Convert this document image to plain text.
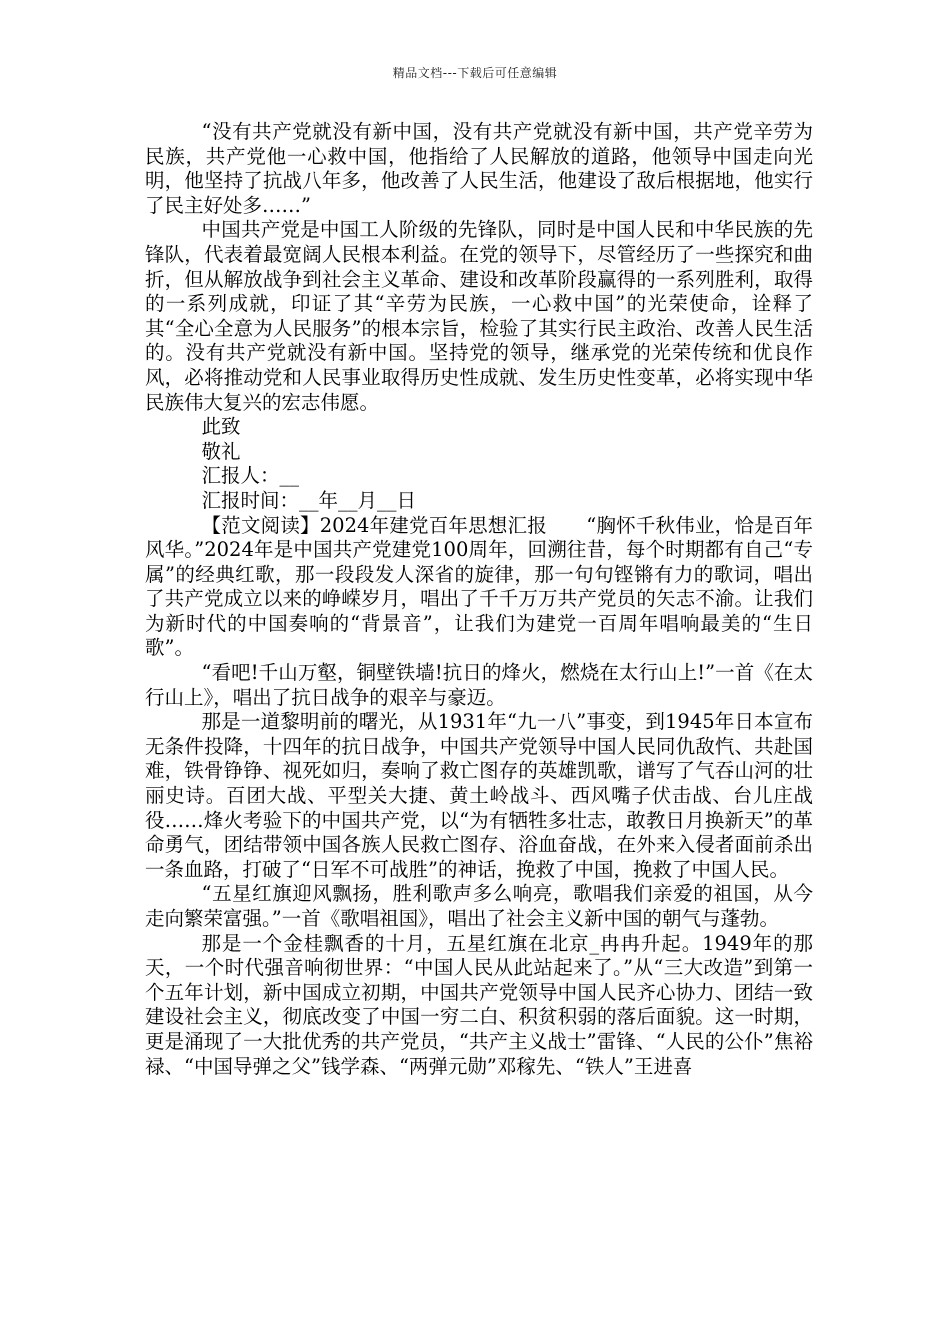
精品文档---下载后可任意编辑

“没有共产党就没有新中国，没有共产党就没有新中国，共产党辛劳为民族，共产党他一心救中国，他指给了人民解放的道路，他领导中国走向光明，他坚持了抗战八年多，他改善了人民生活，他建设了敌后根据地，他实行了民主好处多……”

中国共产党是中国工人阶级的先锋队，同时是中国人民和中华民族的先锋队，代表着最宽阔人民根本利益。在党的领导下，尽管经历了一些探究和曲折，但从解放战争到社会主义革命、建设和改革阶段赢得的一系列胜利，取得的一系列成就，印证了其“辛劳为民族，一心救中国”的光荣使命，诠释了其“全心全意为人民服务”的根本宗旨，检验了其实行民主政治、改善人民生活的。没有共产党就没有新中国。坚持党的领导，继承党的光荣传统和优良作风，必将推动党和人民事业取得历史性成就、发生历史性变革，必将实现中华民族伟大复兴的宏志伟愿。

此致

敬礼

汇报人：__

汇报时间：__年__月__日

【范文阅读】2024年建党百年思想汇报　　“胸怀千秋伟业，恰是百年风华。”2024年是中国共产党建党100周年，回溯往昔，每个时期都有自己“专属”的经典红歌，那一段段发人深省的旋律，那一句句铿锵有力的歌词，唱出了共产党成立以来的峥嵘岁月，唱出了千千万万共产党员的矢志不渝。让我们为新时代的中国奏响的“背景音”，让我们为建党一百周年唱响最美的“生日歌”。

“看吧!千山万壑，铜壁铁墙!抗日的烽火，燃烧在太行山上!”一首《在太行山上》，唱出了抗日战争的艰辛与豪迈。

那是一道黎明前的曙光，从1931年“九一八”事变，到1945年日本宣布无条件投降，十四年的抗日战争，中国共产党领导中国人民同仇敌忾、共赴国难，铁骨铮铮、视死如归，奏响了救亡图存的英雄凯歌，谱写了气吞山河的壮丽史诗。百团大战、平型关大捷、黄土岭战斗、西风嘴子伏击战、台儿庄战役……烽火考验下的中国共产党，以“为有牺牲多壮志，敢教日月换新天”的革命勇气，团结带领中国各族人民救亡图存、浴血奋战，在外来入侵者面前杀出一条血路，打破了“日军不可战胜”的神话，挽救了中国，挽救了中国人民。

“五星红旗迎风飘扬，胜利歌声多么响亮，歌唱我们亲爱的祖国，从今走向繁荣富强。”一首《歌唱祖国》，唱出了社会主义新中国的朝气与蓬勃。

那是一个金桂飘香的十月，五星红旗在北京_冉冉升起。1949年的那天，一个时代强音响彻世界：“中国人民从此站起来了。”从“三大改造”到第一个五年计划，新中国成立初期，中国共产党领导中国人民齐心协力、团结一致建设社会主义，彻底改变了中国一穷二白、积贫积弱的落后面貌。这一时期，更是涌现了一大批优秀的共产党员，“共产主义战士”雷锋、“人民的公仆”焦裕禄、“中国导弹之父”钱学森、“两弹元勋”邓稼先、“铁人”王进喜
